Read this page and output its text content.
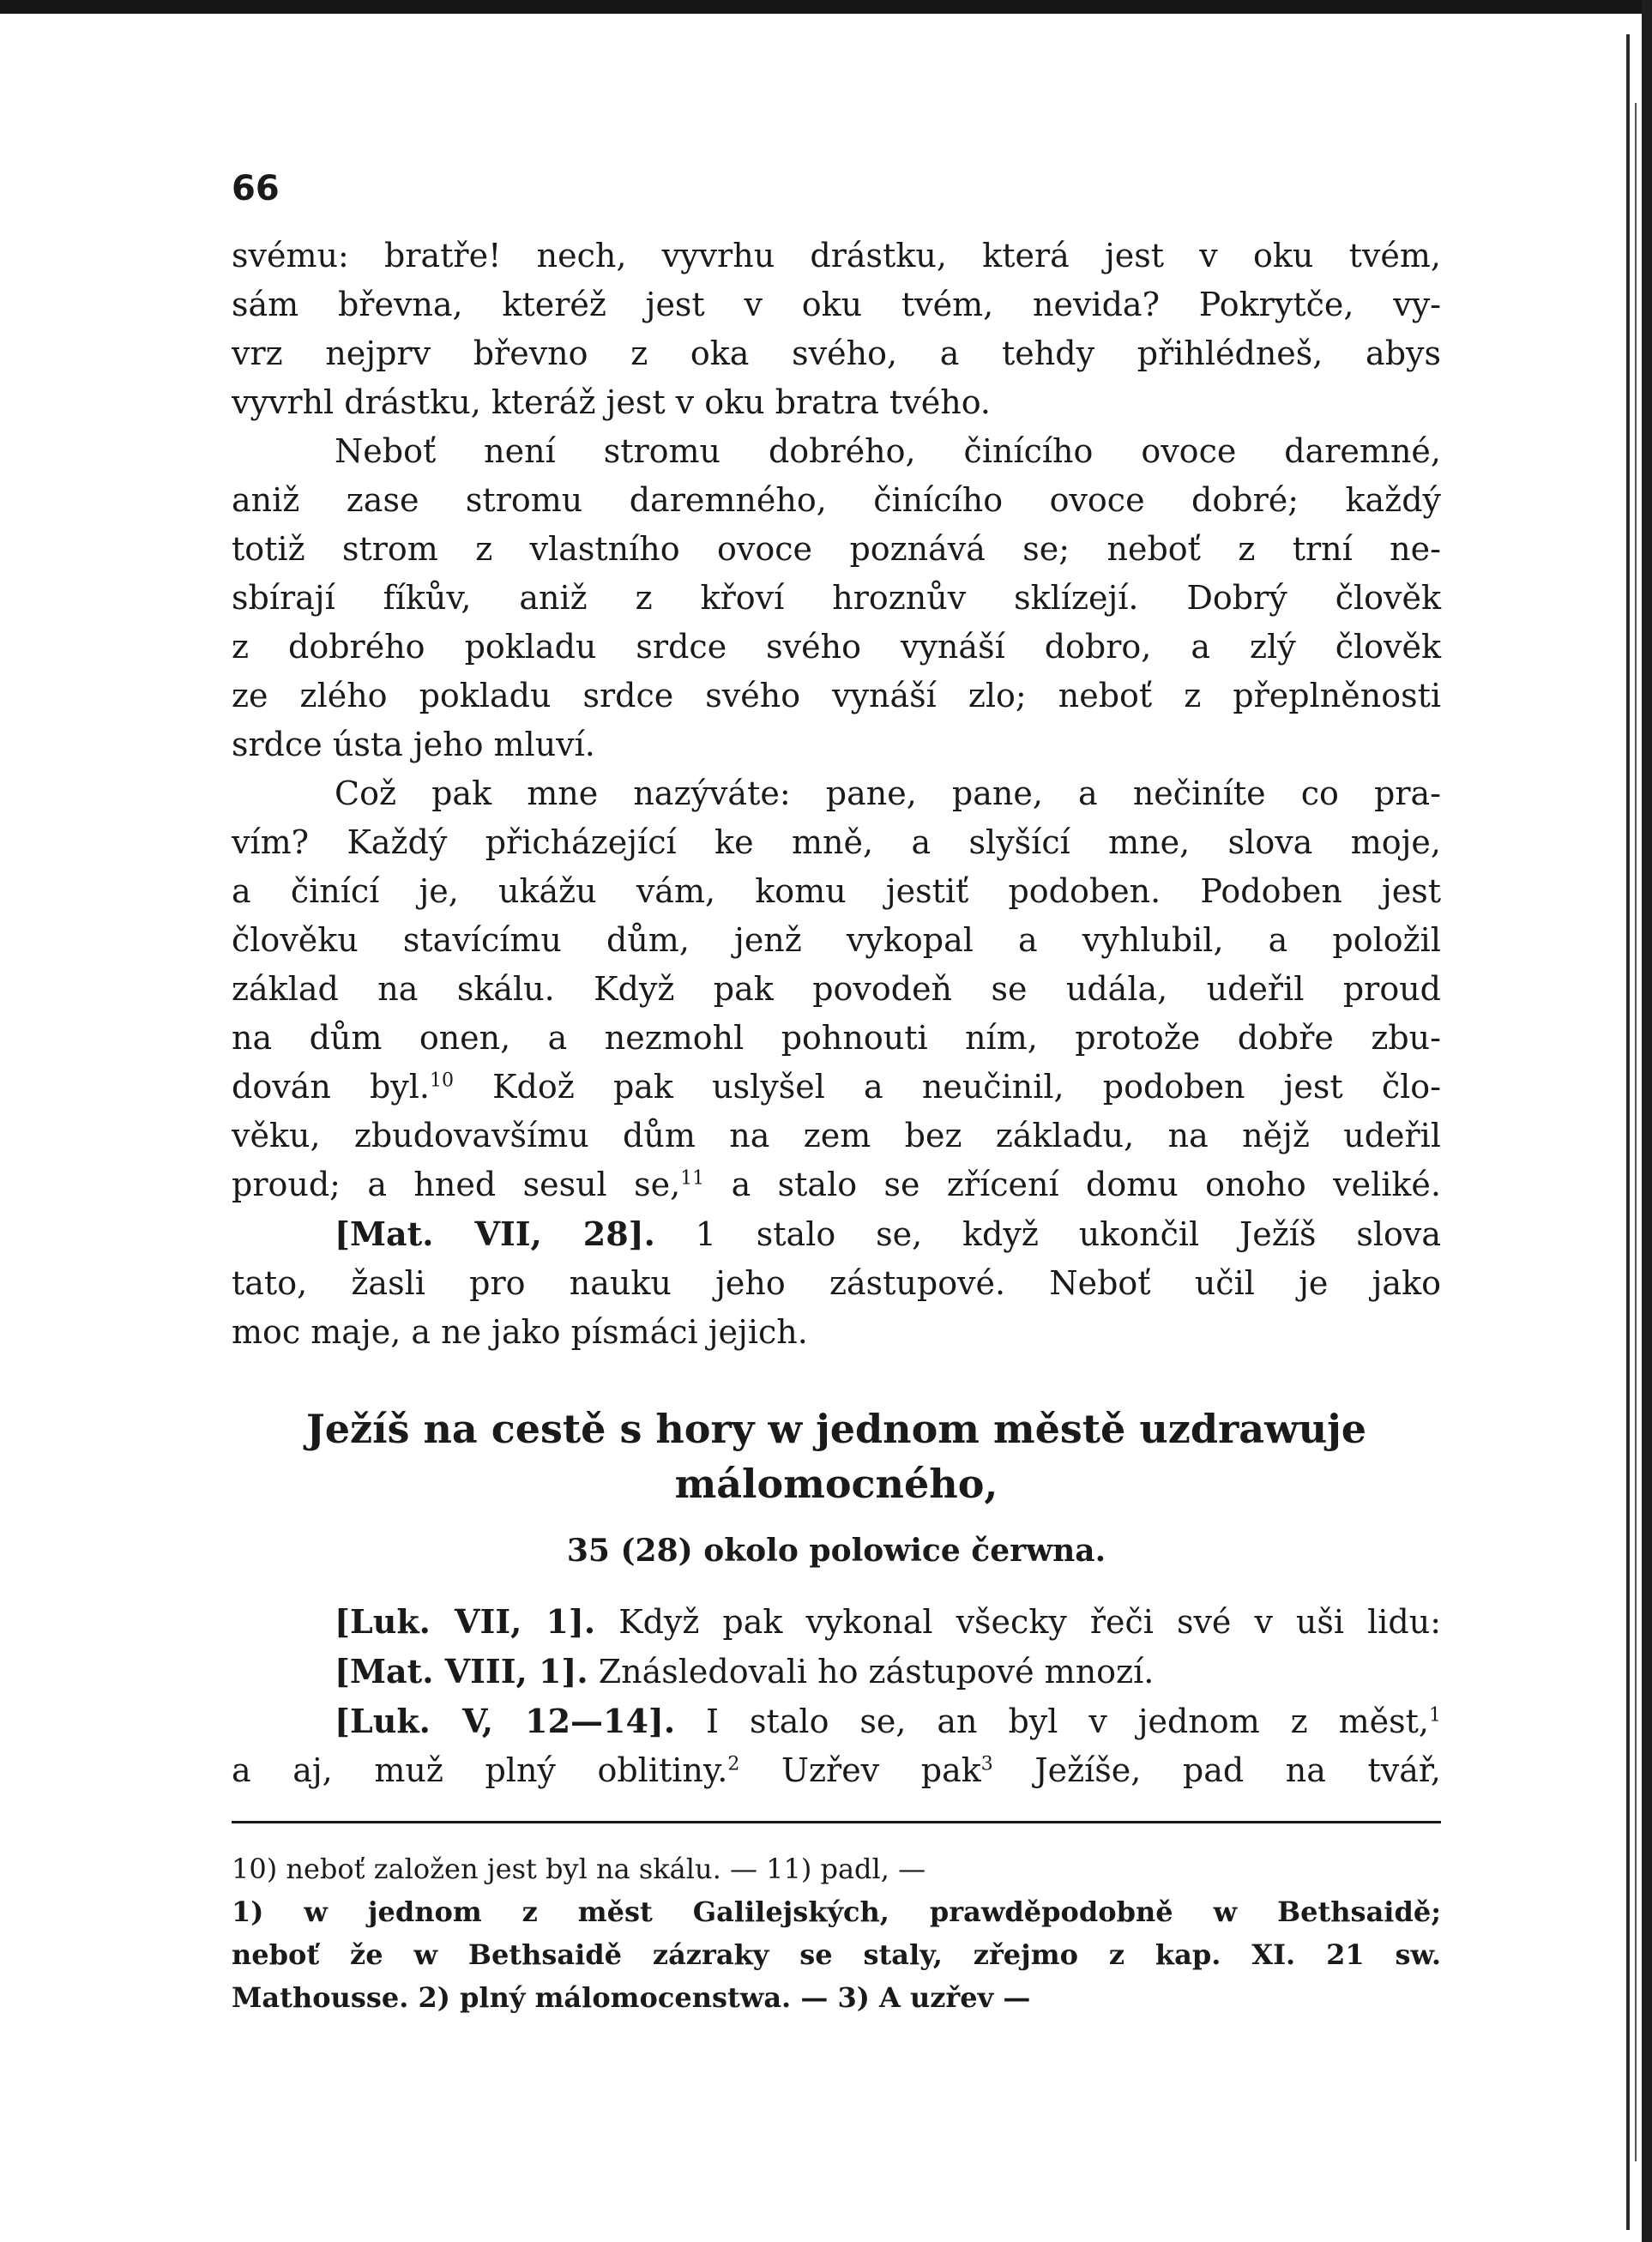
66
svému: bratře! nech, vyvrhu drástku, která jest v oku tvém,
sám břevna, kteréž jest v oku tvém, nevida? Pokrytče, vy-
vrz nejprv břevno z oka svého, a tehdy přihlédneš, abys
vyvrhl drástku, kteráž jest v oku bratra tvého.
Neboť není stromu dobrého, činícího ovoce daremné,
aniž zase stromu daremného, činícího ovoce dobré; každý
totiž strom z vlastního ovoce poznává se; neboť z trní ne-
sbírají fíkův, aniž z křoví hroznův sklízejí. Dobrý člověk
z dobrého pokladu srdce svého vynáší dobro, a zlý člověk
ze zlého pokladu srdce svého vynáší zlo; neboť z přeplněnosti
srdce ústa jeho mluví.
Což pak mne nazýváte: pane, pane, a nečiníte co pra-
vím? Každý přicházející ke mně, a slyšící mne, slova moje,
a činící je, ukážu vám, komu jestiť podoben. Podoben jest
člověku stavícímu dům, jenž vykopal a vyhlubil, a položil
základ na skálu. Když pak povodeň se udála, udeřil proud
na dům onen, a nezmohl pohnouti ním, protože dobře zbu-
dován byl.$^{10}$ Kdož pak uslyšel a neučinil, podoben jest člo-
věku, zbudovavšímu dům na zem bez základu, na nějž udeřil
proud; a hned sesul se,$^{11}$ a stalo se zřícení domu onoho veliké.
[Mat. VII, 28]. 1 stalo se, když ukončil Ježíš slova
tato, žasli pro nauku jeho zástupové. Neboť učil je jako
moc maje, a ne jako písmáci jejich.
Ježíš na cestě s hory w jednom městě uzdrawuje
málomocného,
35 (28) okolo polowice čerwna.
[Luk. VII, 1]. Když pak vykonal všecky řeči své v uši lidu:
[Mat. VIII, 1]. Znásledovali ho zástupové mnozí.
[Luk. V, 12—14]. I stalo se, an byl v jednom z měst,$^1$
a aj, muž plný oblitiny.$^2$ Uzřev pak$^3$ Ježíše, pad na tvář,
10) neboť založen jest byl na skálu. — 11) padl, —
1) w jednom z měst Galilejských, prawděpodobně w Bethsaidě;
neboť že w Bethsaidě zázraky se staly, zřejmo z kap. XI. 21 sw.
Mathousse. 2) plný málomocenstwa. — 3) A uzřev —
